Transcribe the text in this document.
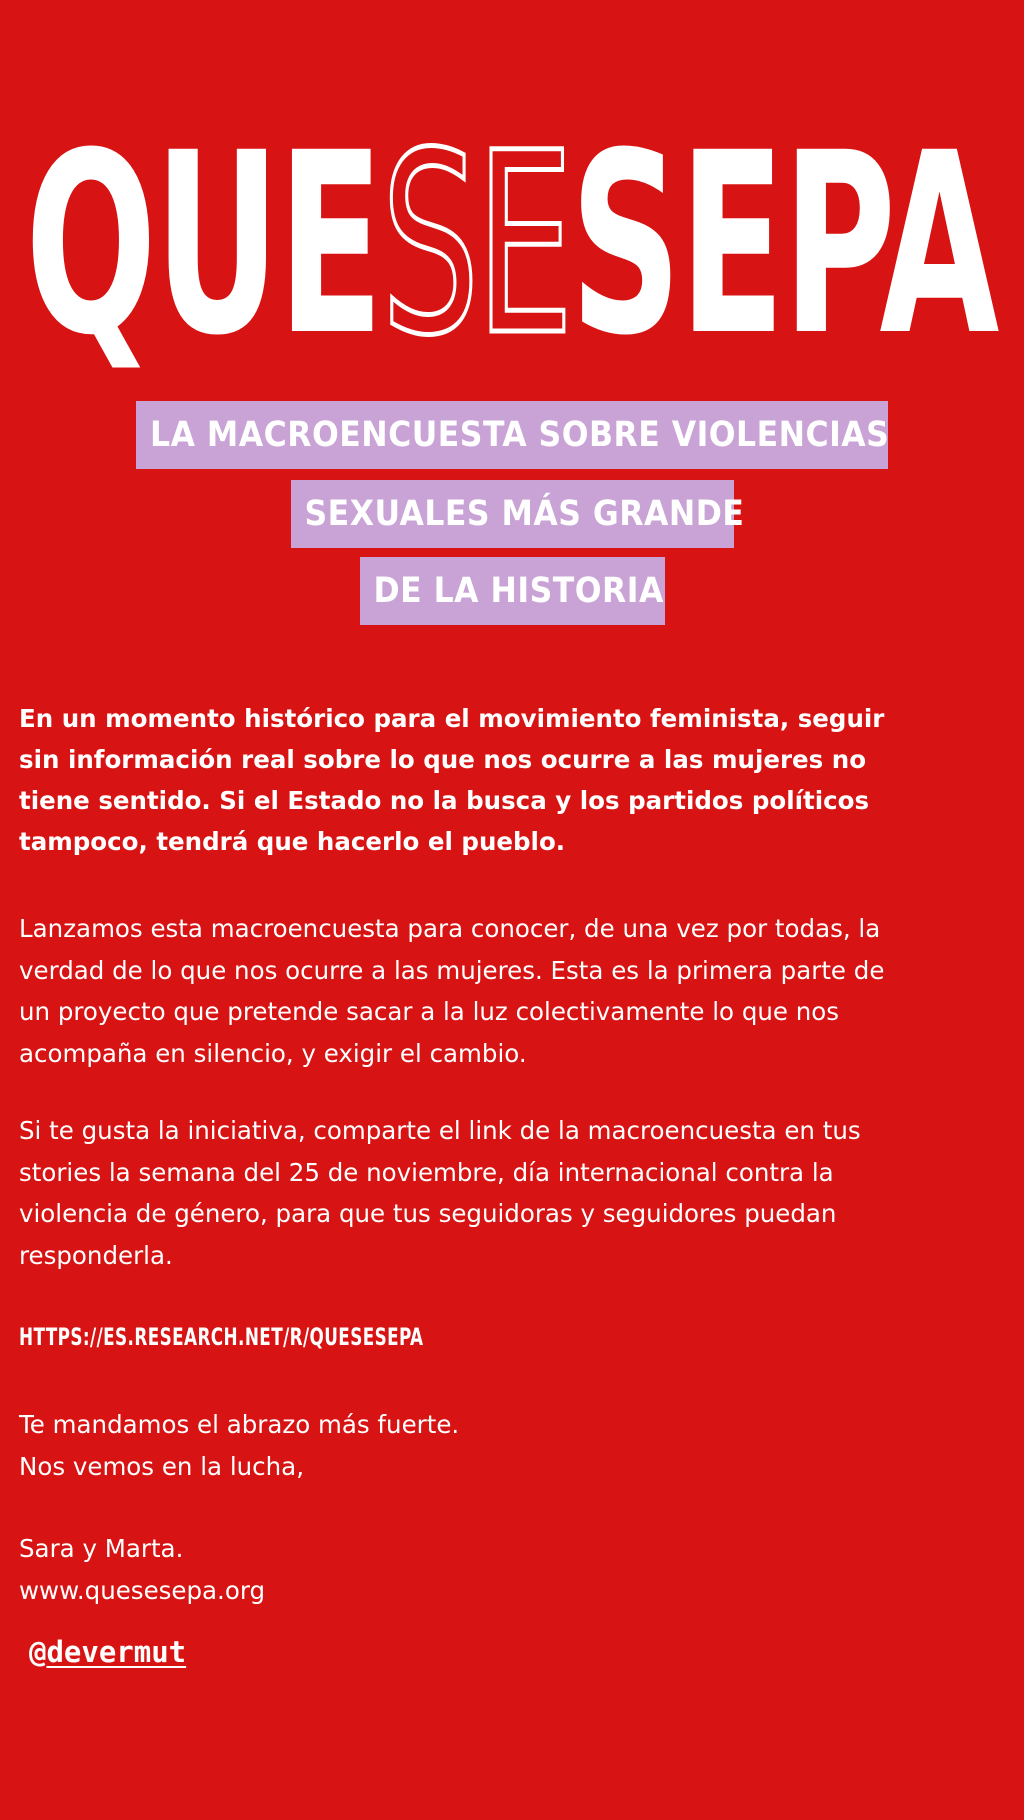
QUE SE SEPA
LA MACROENCUESTA SOBRE VIOLENCIAS
SEXUALES MÁS GRANDE
DE LA HISTORIA
En un momento histórico para el movimiento feminista, seguir
sin información real sobre lo que nos ocurre a las mujeres no
tiene sentido. Si el Estado no la busca y los partidos políticos
tampoco, tendrá que hacerlo el pueblo.
Lanzamos esta macroencuesta para conocer, de una vez por todas, la
verdad de lo que nos ocurre a las mujeres. Esta es la primera parte de
un proyecto que pretende sacar a la luz colectivamente lo que nos
acompaña en silencio, y exigir el cambio.
Si te gusta la iniciativa, comparte el link de la macroencuesta en tus
stories la semana del 25 de noviembre, día internacional contra la
violencia de género, para que tus seguidoras y seguidores puedan
responderla.
HTTPS://ES.RESEARCH.NET/R/QUESESEPA
Te mandamos el abrazo más fuerte.
Nos vemos en la lucha,
Sara y Marta.
www.quesesepa.org
@devermut
